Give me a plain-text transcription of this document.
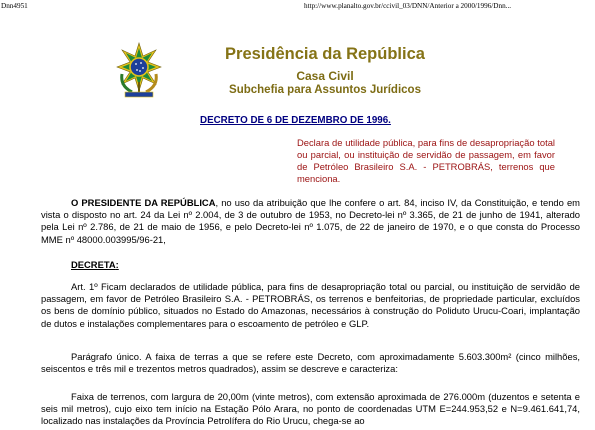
Dnn4951	http://www.planalto.gov.br/ccivil_03/DNN/Anterior a 2000/1996/Dnn...
Presidência da República
Casa Civil
Subchefia para Assuntos Jurídicos
DECRETO DE 6 DE DEZEMBRO DE 1996.
Declara de utilidade pública, para fins de desapropriação total ou parcial, ou instituição de servidão de passagem, em favor de Petróleo Brasileiro S.A. - PETROBRÁS, terrenos que menciona.
O PRESIDENTE DA REPÚBLICA, no uso da atribuição que lhe confere o art. 84, inciso IV, da Constituição, e tendo em vista o disposto no art. 24 da Lei nº 2.004, de 3 de outubro de 1953, no Decreto-lei nº 3.365, de 21 de junho de 1941, alterado pela Lei nº 2.786, de 21 de maio de 1956, e pelo Decreto-lei nº 1.075, de 22 de janeiro de 1970, e o que consta do Processo MME nº 48000.003995/96-21,
DECRETA:
Art. 1º Ficam declarados de utilidade pública, para fins de desapropriação total ou parcial, ou instituição de servidão de passagem, em favor de Petróleo Brasileiro S.A. - PETROBRÁS, os terrenos e benfeitorias, de propriedade particular, excluídos os bens de domínio público, situados no Estado do Amazonas, necessários à construção do Poliduto Urucu-Coari, implantação de dutos e instalações complementares para o escoamento de petróleo e GLP.
Parágrafo único. A faixa de terras a que se refere este Decreto, com aproximadamente 5.603.300m² (cinco milhões, seiscentos e três mil e trezentos metros quadrados), assim se descreve e caracteriza:
Faixa de terrenos, com largura de 20,00m (vinte metros), com extensão aproximada de 276.000m (duzentos e setenta e seis mil metros), cujo eixo tem início na Estação Pólo Arara, no ponto de coordenadas UTM E=244.953,52 e N=9.461.641,74, localizado nas instalações da Província Petrolífera do Rio Urucu, chega-se ao
